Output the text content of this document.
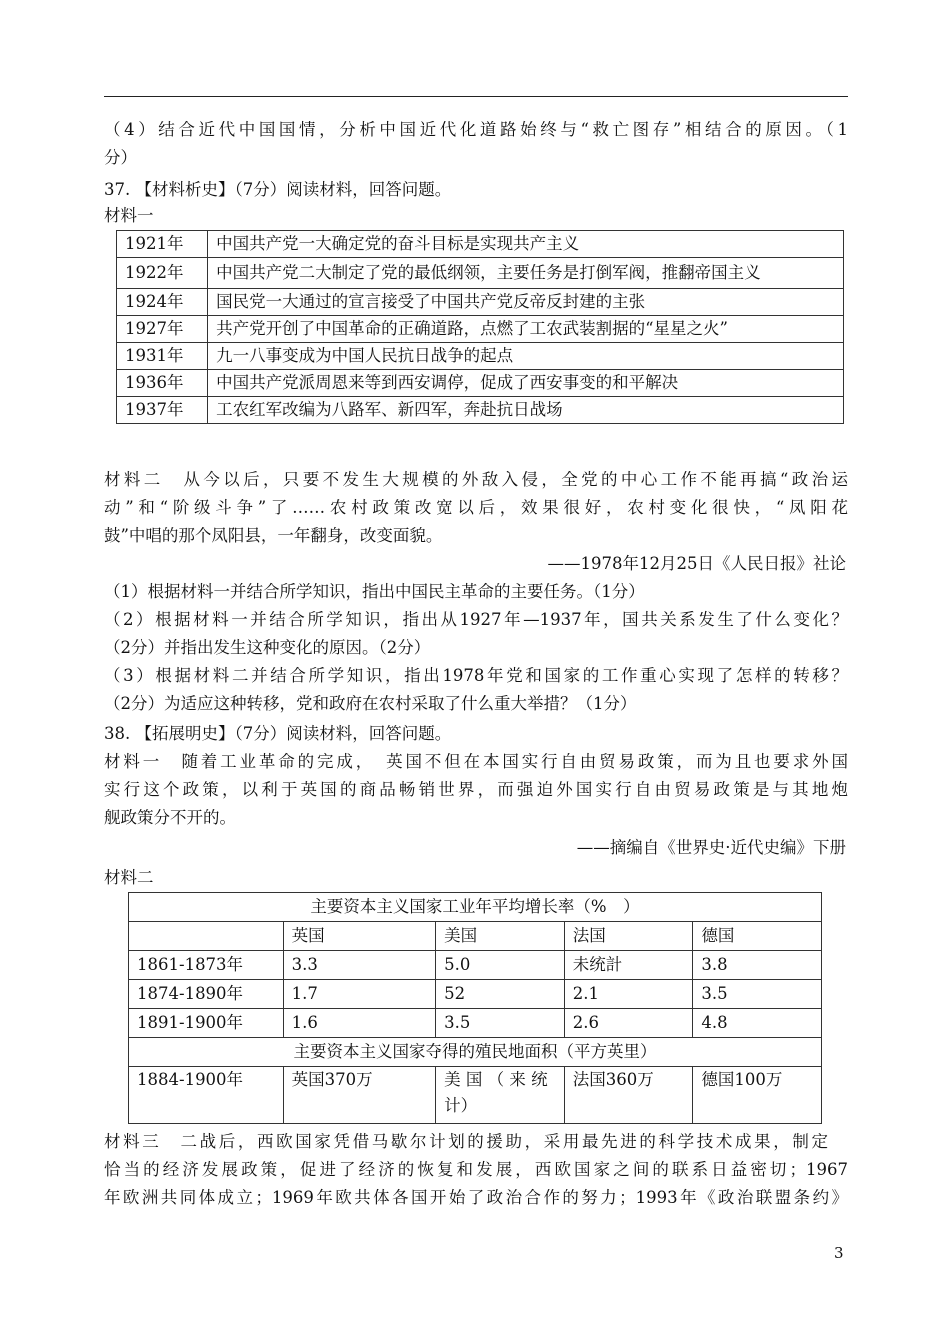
（4）结合近代中国国情，分析中国近代化道路始终与“救亡图存”相结合的原因。（1
分）
37. 【材料析史】（7分）阅读材料，回答问题。
材料一
1921年	中国共产党一大确定党的奋斗目标是实现共产主义
1922年	中国共产党二大制定了党的最低纲领，主要任务是打倒军阀，推翻帝国主义
1924年	国民党一大通过的宣言接受了中国共产党反帝反封建的主张
1927年	共产党开创了中国革命的正确道路，点燃了工农武装割据的“星星之火”
1931年	九一八事变成为中国人民抗日战争的起点
1936年	中国共产党派周恩来等到西安调停，促成了西安事变的和平解决
1937年	工农红军改编为八路军、新四军，奔赴抗日战场
材料二　从今以后，只要不发生大规模的外敌入侵，全党的中心工作不能再搞“政治运
动”和“阶级斗争”了……农村政策改宽以后，效果很好，农村变化很快，“凤阳花
鼓”中唱的那个凤阳县，一年翻身，改变面貌。
——1978年12月25日《人民日报》社论
（1）根据材料一并结合所学知识，指出中国民主革命的主要任务。（1分）
（2）根据材料一并结合所学知识，指出从1927年—1937年，国共关系发生了什么变化？
（2分）并指出发生这种变化的原因。（2分）
（3）根据材料二并结合所学知识，指出1978年党和国家的工作重心实现了怎样的转移？
（2分）为适应这种转移，党和政府在农村采取了什么重大举措？（1分）
38. 【拓展明史】（7分）阅读材料，回答问题。
材料一　随着工业革命的完成，　英国不但在本国实行自由贸易政策，而为且也要求外国
实行这个政策，以利于英国的商品畅销世界，而强迫外国实行自由贸易政策是与其地炮
舰政策分不开的。
——摘编自《世界史·近代史编》下册
材料二
主要资本主义国家工业年平均增长率（%　）				
	英国	美国	法国	德国
1861-1873年	3.3	5.0	未统計	3.8
1874-1890年	1.7	52	2.1	3.5
1891-1900年	1.6	3.5	2.6	4.8
主要资本主义国家夺得的殖民地面积（平方英里）				
1884-1900年	英国370万	美 国 （ 来 统 计）	法国360万	德国100万
材料三　二战后，西欧国家凭借马歇尔计划的援助，采用最先进的科学技术成果，制定
恰当的经济发展政策，促进了经济的恢复和发展，西欧国家之间的联系日益密切；1967
年欧洲共同体成立；1969年欧共体各国开始了政治合作的努力；1993年《政治联盟条约》
3
